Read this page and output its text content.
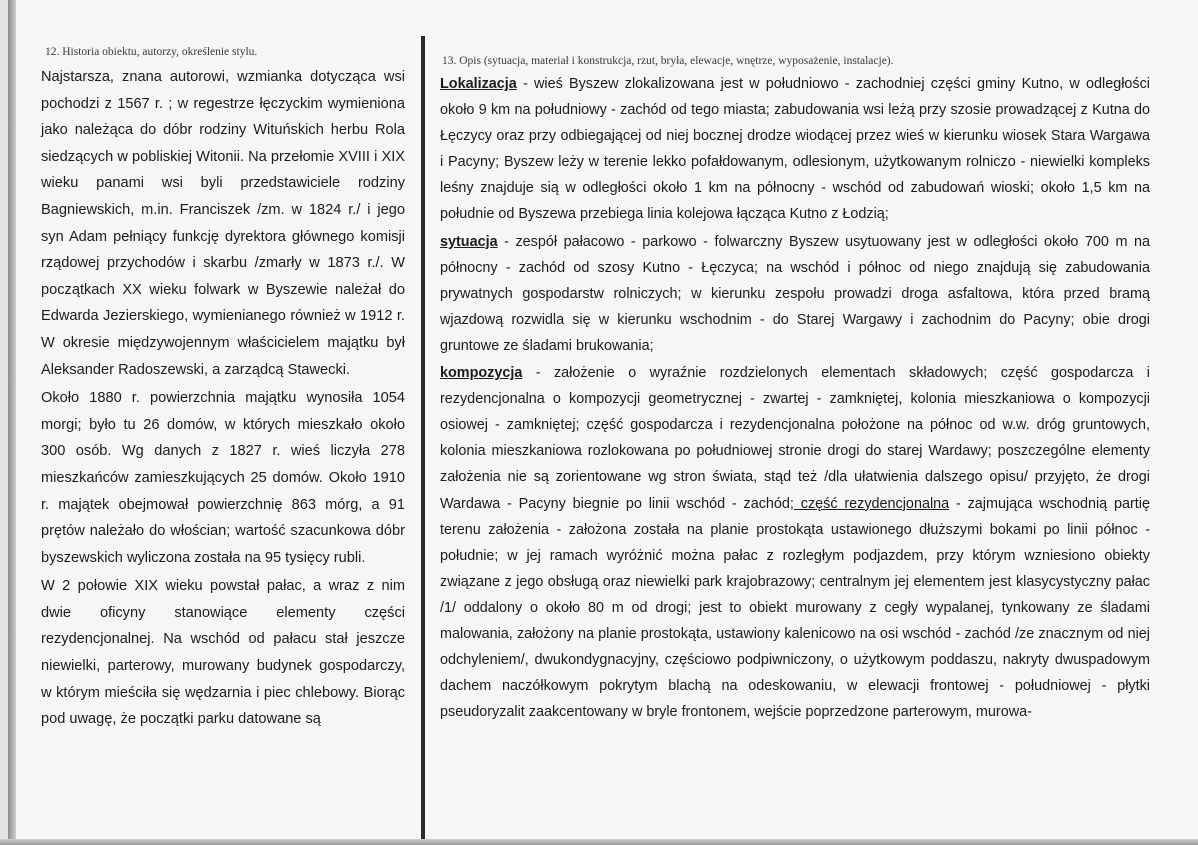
12. Historia obiektu, autorzy, określenie stylu.

Najstarsza, znana autorowi, wzmianka dotycząca wsi pochodzi z 1567 r. ; w regestrze łęczyckim wymieniona jako należąca do dóbr rodziny Wituńskich herbu Rola siedzących w pobliskiej Witonii. Na przełomie XVIII i XIX wieku panami wsi byli przedstawiciele rodziny Bagniewskich, m.in. Franciszek /zm. w 1824 r./ i jego syn Adam pełniący funkcję dyrektora głównego komisji rządowej przychodów i skarbu /zmarły w 1873 r./. W początkach XX wieku folwark w Byszewie należał do Edwarda Jezierskiego, wymienianego również w 1912 r. W okresie międzywojennym właścicielem majątku był Aleksander Radoszewski, a zarządcą Stawecki.

Około 1880 r. powierzchnia majątku wynosiła 1054 morgi; było tu 26 domów, w których mieszkało około 300 osób. Wg danych z 1827 r. wieś liczyła 278 mieszkańców zamieszkujących 25 domów. Około 1910 r. majątek obejmował powierzchnię 863 mórg, a 91 prętów należało do włościan; wartość szacunkowa dóbr byszewskich wyliczona została na 95 tysięcy rubli.

W 2 połowie XIX wieku powstał pałac, a wraz z nim dwie oficyny stanowiące elementy części rezydencjonalnej. Na wschód od pałacu stał jeszcze niewielki, parterowy, murowany budynek gospodarczy, w którym mieściła się wędzarnia i piec chlebowy. Biorąc pod uwagę, że początki parku datowane są

13. Opis (sytuacja, materiał i konstrukcja, rzut, bryła, elewacje, wnętrze, wyposażenie, instalacje).

Lokalizacja - wieś Byszew zlokalizowana jest w południowo - zachodniej części gminy Kutno, w odległości około 9 km na południowy - zachód od tego miasta; zabudowania wsi leżą przy szosie prowadzącej z Kutna do Łęczycy oraz przy odbiegającej od niej bocznej drodze wiodącej przez wieś w kierunku wiosek Stara Wargawa i Pacyny; Byszew leży w terenie lekko pofałdowanym, odlesionym, użytkowanym rolniczo - niewielki kompleks leśny znajduje sią w odległości około 1 km na północny - wschód od zabudowań wioski; około 1,5 km na południe od Byszewa przebiega linia kolejowa łącząca Kutno z Łodzią;

sytuacja - zespół pałacowo - parkowo - folwarczny Byszew usytuowany jest w odległości około 700 m na północny - zachód od szosy Kutno - Łęczyca; na wschód i północ od niego znajdują się zabudowania prywatnych gospodarstw rolniczych; w kierunku zespołu prowadzi droga asfaltowa, która przed bramą wjazdową rozwidla się w kierunku wschodnim - do Starej Wargawy i zachodnim do Pacyny; obie drogi gruntowe ze śladami brukowania;

kompozycja - założenie o wyraźnie rozdzielonych elementach składowych; część gospodarcza i rezydencjonalna o kompozycji geometrycznej - zwartej - zamkniętej, kolonia mieszkaniowa o kompozycji osiowej - zamkniętej; część gospodarcza i rezydencjonalna położone na północ od w.w. dróg gruntowych, kolonia mieszkaniowa rozlokowana po południowej stronie drogi do starej Wardawy; poszczególne elementy założenia nie są zorientowane wg stron świata, stąd też /dla ułatwienia dalszego opisu/ przyjęto, że drogi Wardawa - Pacyny biegnie po linii wschód - zachód; część rezydencjonalna - zajmująca wschodnią partię terenu założenia - założona została na planie prostokąta ustawionego dłuższymi bokami po linii północ - południe; w jej ramach wyróżnić można pałac z rozległym podjazdem, przy którym wzniesiono obiekty związane z jego obsługą oraz niewielki park krajobrazowy; centralnym jej elementem jest klasycystyczny pałac /1/ oddalony o około 80 m od drogi; jest to obiekt murowany z cegły wypalanej, tynkowany ze śladami malowania, założony na planie prostokąta, ustawiony kalenicowo na osi wschód - zachód /ze znacznym od niej odchyleniem/, dwukondygnacyjny, częściowo podpiwniczony, o użytkowym poddaszu, nakryty dwuspadowym dachem naczółkowym pokrytym blachą na odeskowaniu, w elewacji frontowej - południowej - płytki pseudoryzalit zaakcentowany w bryle frontonem, wejście poprzedzone parterowym, murowa-
